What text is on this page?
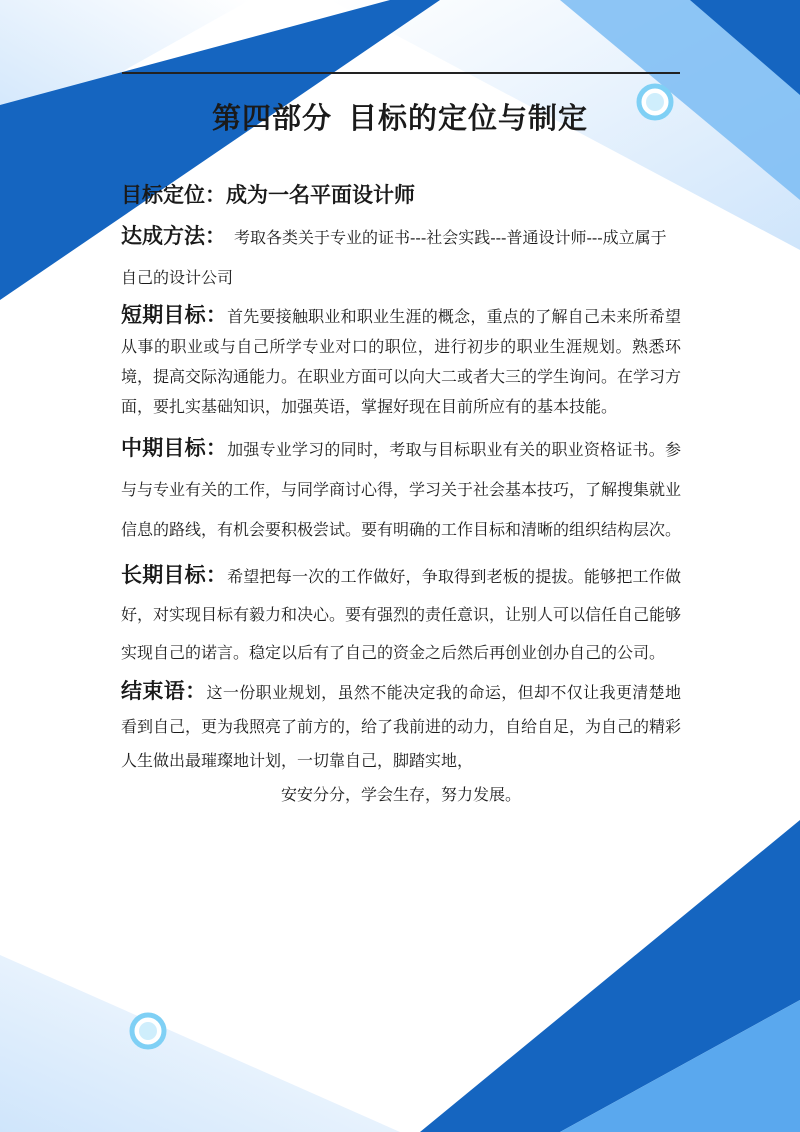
第四部分 目标的定位与制定

目标定位：成为一名平面设计师

达成方法： 考取各类关于专业的证书---社会实践---普通设计师---成立属于自己的设计公司

短期目标：首先要接触职业和职业生涯的概念，重点的了解自己未来所希望从事的职业或与自己所学专业对口的职位，进行初步的职业生涯规划。熟悉环境，提高交际沟通能力。在职业方面可以向大二或者大三的学生询问。在学习方面，要扎实基础知识，加强英语，掌握好现在目前所应有的基本技能。

中期目标：加强专业学习的同时，考取与目标职业有关的职业资格证书。参与与专业有关的工作，与同学商讨心得，学习关于社会基本技巧，了解搜集就业信息的路线，有机会要积极尝试。要有明确的工作目标和清晰的组织结构层次。

长期目标：希望把每一次的工作做好，争取得到老板的提拔。能够把工作做好，对实现目标有毅力和决心。要有强烈的责任意识，让别人可以信任自己能够实现自己的诺言。稳定以后有了自己的资金之后然后再创业创办自己的公司。

结束语：这一份职业规划，虽然不能决定我的命运，但却不仅让我更清楚地看到自己，更为我照亮了前方的，给了我前进的动力，自给自足，为自己的精彩人生做出最璀璨地计划，一切靠自己，脚踏实地，

安安分分，学会生存，努力发展。
